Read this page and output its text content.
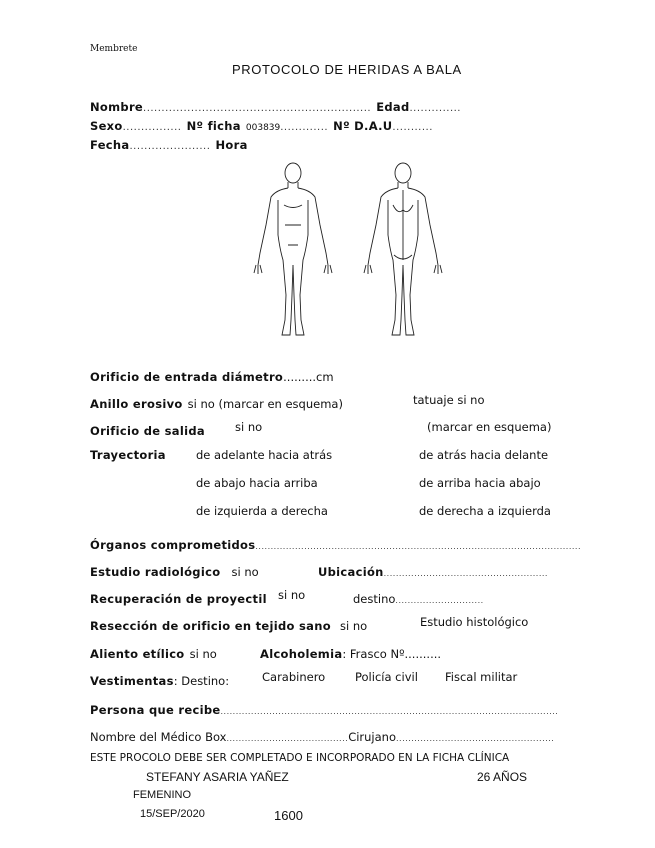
Membrete
PROTOCOLO DE HERIDAS A BALA
Nombre.............................................................. Edad..............
Sexo................ Nº ficha 003839............. Nº D.A.U...........
Fecha...................... Hora
Orificio de entrada diámetro.........cm
Anillo erosivo si no (marcar en esquema)	tatuaje si no
Orificio de salida	si no	(marcar en esquema)
Trayectoria	de adelante hacia atrás	de atrás hacia delante
de abajo hacia arriba	de arriba hacia abajo
de izquierda a derecha	de derecha a izquierda
Órganos comprometidos...........................................................................................................
Estudio radiológico si no	Ubicación......................................................
Recuperación de proyectil si no	destino.............................
Resección de orificio en tejido sano si no	Estudio histológico
Aliento etílico si no	Alcoholemia: Frasco Nº..........
Vestimentas: Destino:	Carabinero	Policía civil Fiscal militar
Persona que recibe...............................................................................................................
Nombre del Médico Box........................................Cirujano....................................................
ESTE PROCOLO DEBE SER COMPLETADO E INCORPORADO EN LA FICHA CLÍNICA
STEFANY ASARIA YAÑEZ	26 AÑOS
FEMENINO
15/SEP/2020	1600
